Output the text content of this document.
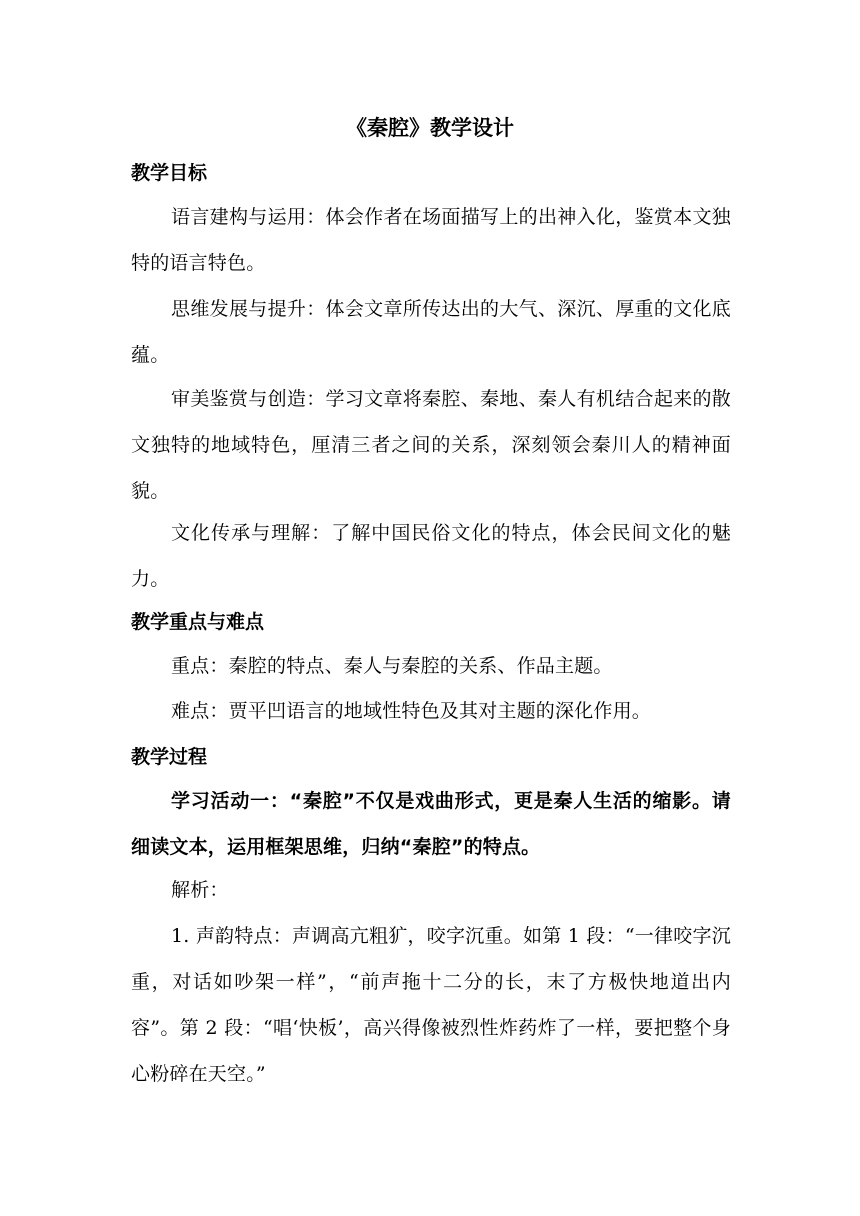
《秦腔》教学设计
教学目标

语言建构与运用：体会作者在场面描写上的出神入化，鉴赏本文独特的语言特色。

思维发展与提升：体会文章所传达出的大气、深沉、厚重的文化底蕴。

审美鉴赏与创造：学习文章将秦腔、秦地、秦人有机结合起来的散文独特的地域特色，厘清三者之间的关系，深刻领会秦川人的精神面貌。

文化传承与理解：了解中国民俗文化的特点，体会民间文化的魅力。

教学重点与难点

重点：秦腔的特点、秦人与秦腔的关系、作品主题。

难点：贾平凹语言的地域性特色及其对主题的深化作用。

教学过程

学习活动一：“秦腔”不仅是戏曲形式，更是秦人生活的缩影。请细读文本，运用框架思维，归纳“秦腔”的特点。

解析：

1. 声韵特点：声调高亢粗犷，咬字沉重。如第 1 段：“一律咬字沉重，对话如吵架一样”，“前声拖十二分的长，末了方极快地道出内容”。第 2 段：“唱‘快板’，高兴得像被烈性炸药炸了一样，要把整个身心粉碎在天空。”
